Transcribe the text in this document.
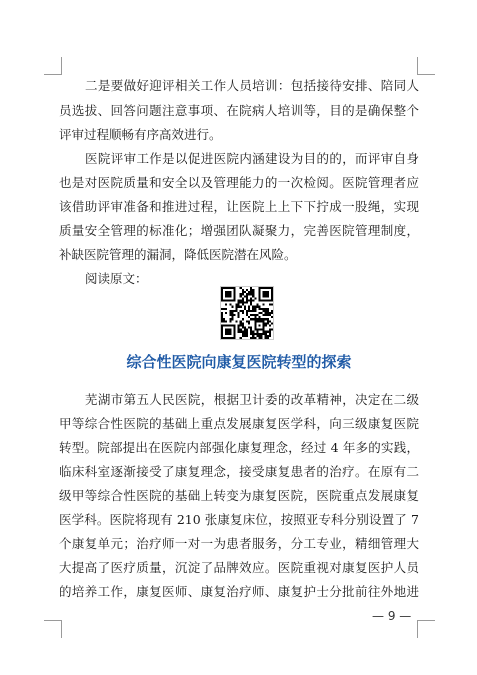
二是要做好迎评相关工作人员培训：包括接待安排、陪同人
员选拔、回答问题注意事项、在院病人培训等，目的是确保整个
评审过程顺畅有序高效进行。
医院评审工作是以促进医院内涵建设为目的的，而评审自身
也是对医院质量和安全以及管理能力的一次检阅。医院管理者应
该借助评审准备和推进过程，让医院上上下下拧成一股绳，实现
质量安全管理的标准化；增强团队凝聚力，完善医院管理制度，
补缺医院管理的漏洞，降低医院潜在风险。
阅读原文：
综合性医院向康复医院转型的探索
芜湖市第五人民医院，根据卫计委的改革精神，决定在二级
甲等综合性医院的基础上重点发展康复医学科，向三级康复医院
转型。院部提出在医院内部强化康复理念，经过 4 年多的实践，
临床科室逐渐接受了康复理念，接受康复患者的治疗。在原有二
级甲等综合性医院的基础上转变为康复医院，医院重点发展康复
医学科。医院将现有 210 张康复床位，按照亚专科分别设置了 7
个康复单元；治疗师一对一为患者服务，分工专业，精细管理大
大提高了医疗质量，沉淀了品牌效应。医院重视对康复医护人员
的培养工作，康复医师、康复治疗师、康复护士分批前往外地进
— 9 —
